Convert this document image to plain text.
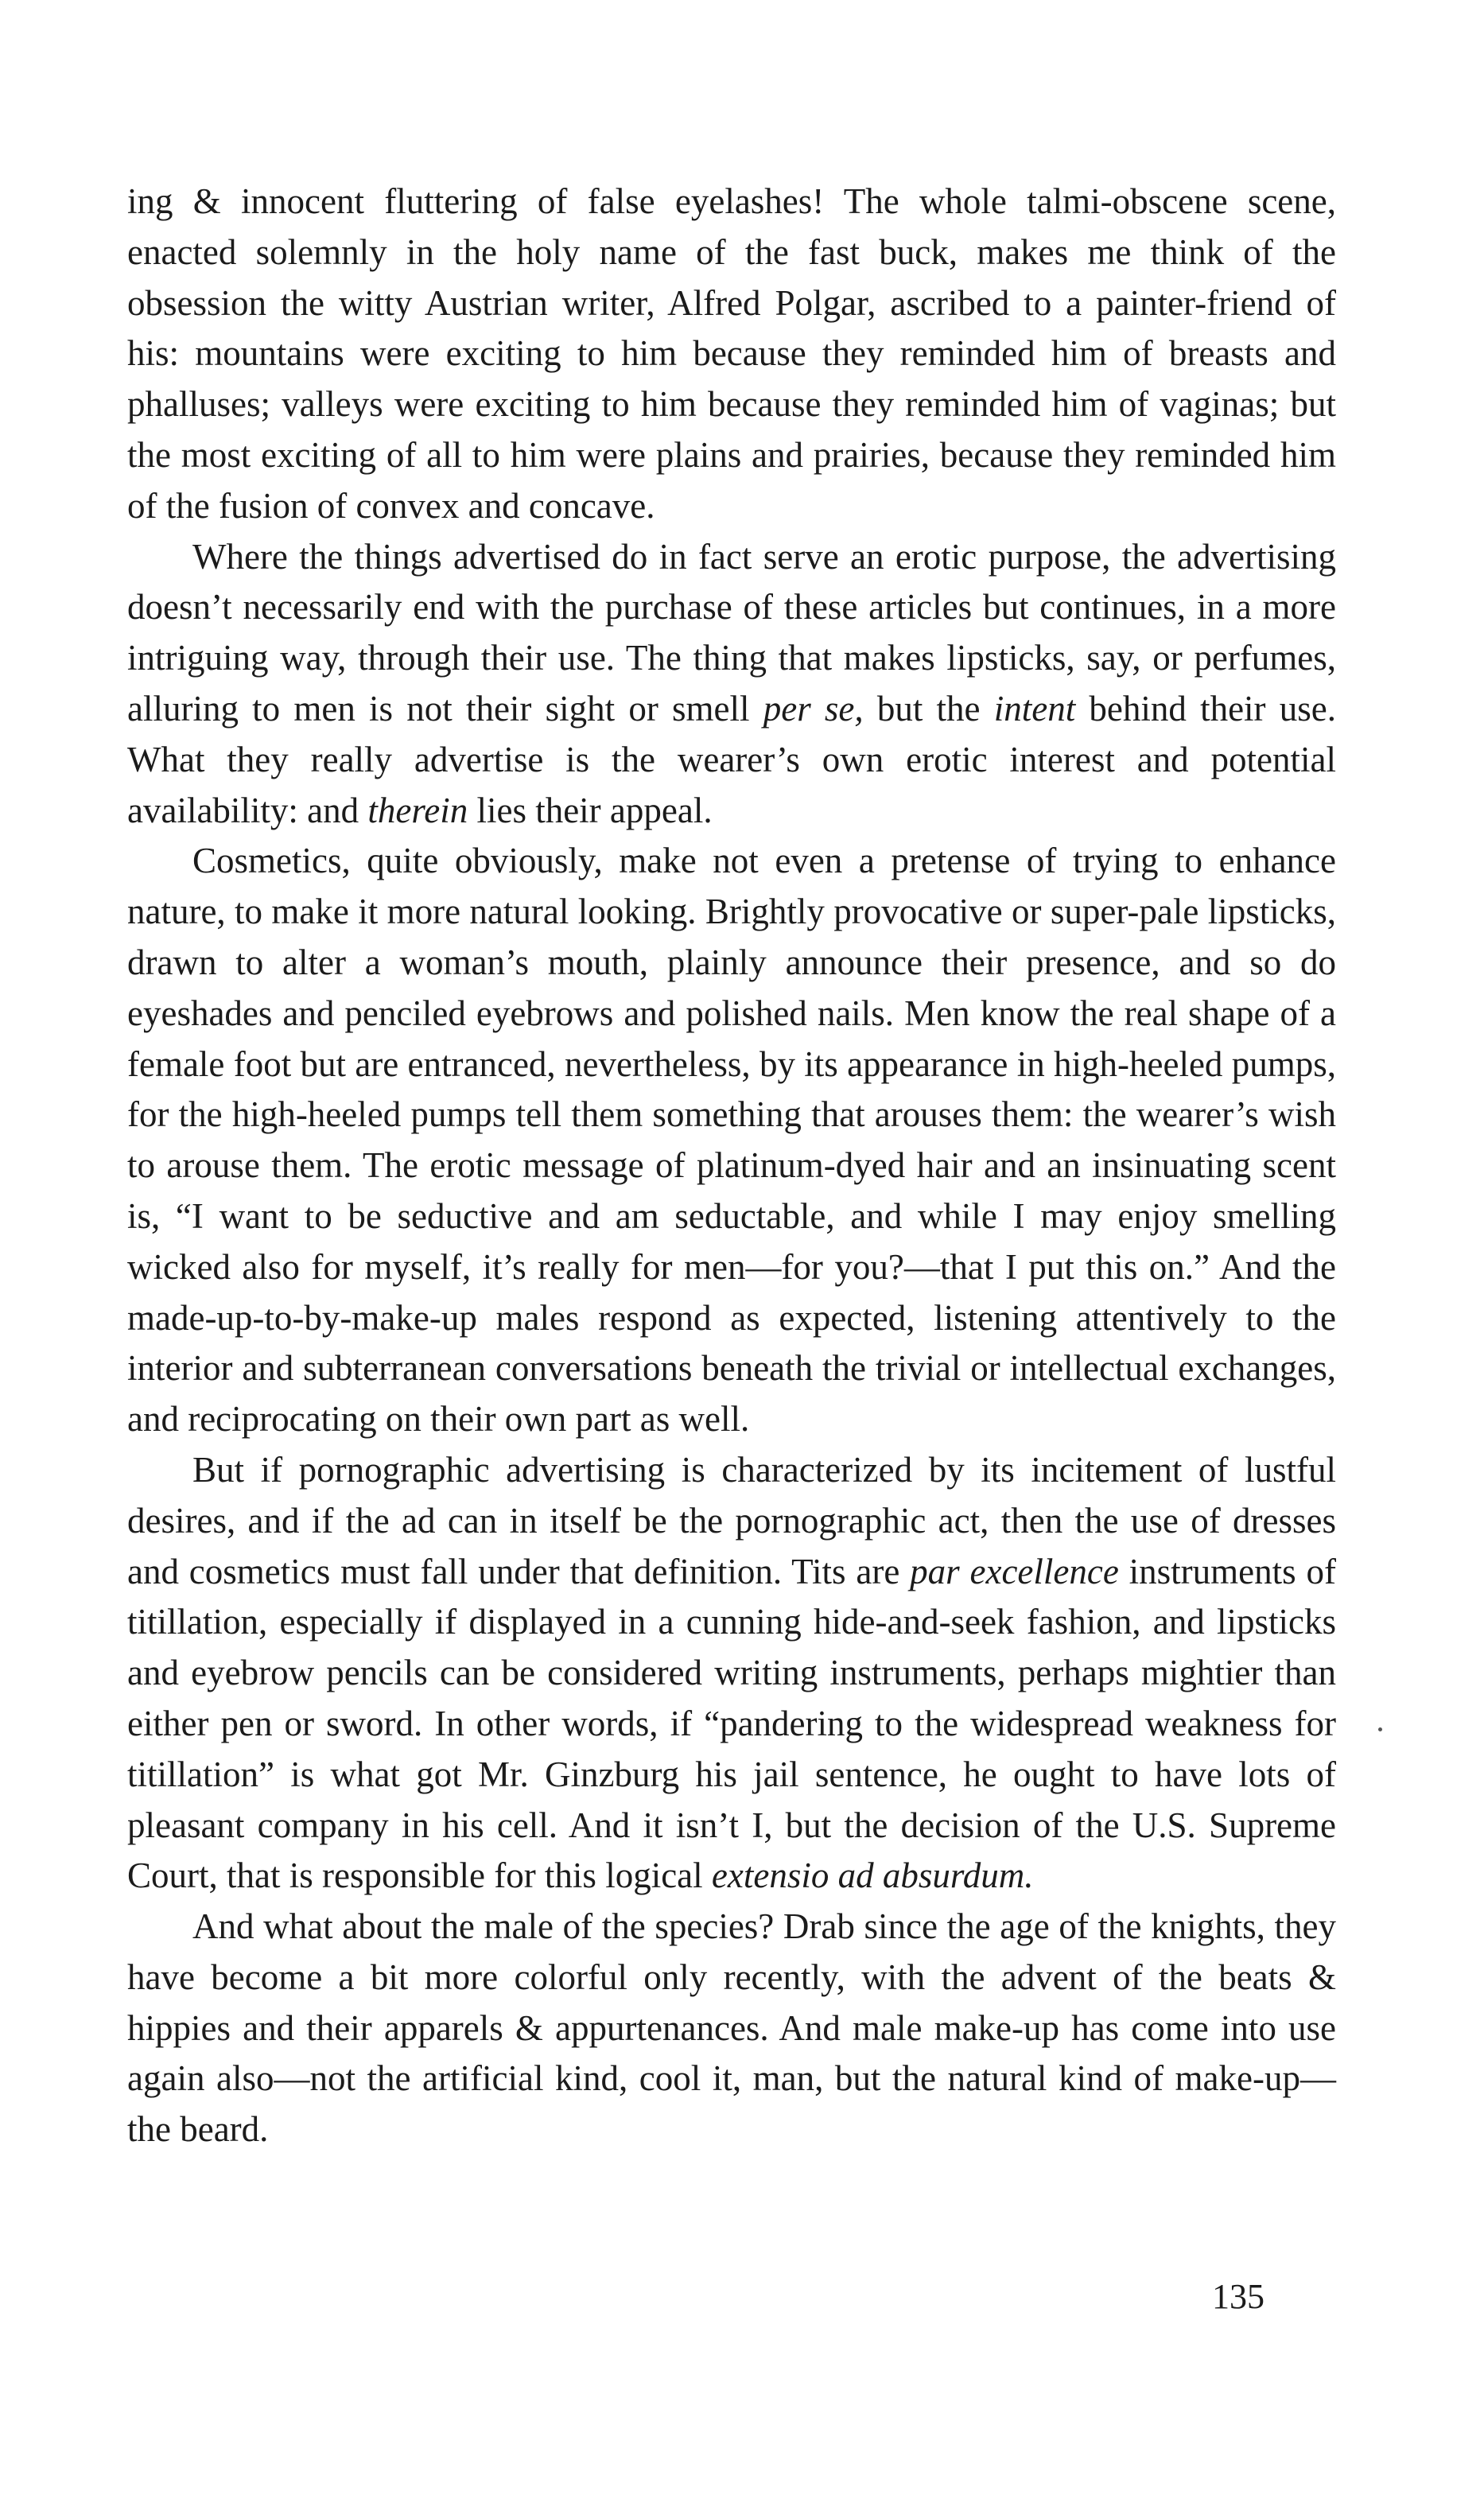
ing & innocent fluttering of false eyelashes! The whole talmi-obscene scene, enacted solemnly in the holy name of the fast buck, makes me think of the obsession the witty Austrian writer, Alfred Polgar, ascribed to a painter-friend of his: mountains were exciting to him because they reminded him of breasts and phalluses; valleys were exciting to him because they reminded him of vaginas; but the most exciting of all to him were plains and prairies, because they reminded him of the fusion of convex and concave.

Where the things advertised do in fact serve an erotic purpose, the advertising doesn’t necessarily end with the purchase of these articles but continues, in a more intriguing way, through their use. The thing that makes lipsticks, say, or perfumes, alluring to men is not their sight or smell per se, but the intent behind their use. What they really advertise is the wearer’s own erotic interest and potential availability: and therein lies their appeal.

Cosmetics, quite obviously, make not even a pretense of trying to enhance nature, to make it more natural looking. Brightly provocative or super-pale lipsticks, drawn to alter a woman’s mouth, plainly announce their presence, and so do eyeshades and penciled eyebrows and polished nails. Men know the real shape of a female foot but are entranced, nevertheless, by its appearance in high-heeled pumps, for the high-heeled pumps tell them something that arouses them: the wearer’s wish to arouse them. The erotic message of platinum-dyed hair and an insinuating scent is, “I want to be seductive and am seductable, and while I may enjoy smelling wicked also for myself, it’s really for men—for you?—that I put this on.” And the made-up-to-by-make-up males respond as expected, listening attentively to the interior and subterranean conversations beneath the trivial or intellectual exchanges, and reciprocating on their own part as well.

But if pornographic advertising is characterized by its incitement of lustful desires, and if the ad can in itself be the pornographic act, then the use of dresses and cosmetics must fall under that definition. Tits are par excellence instruments of titillation, especially if displayed in a cunning hide-and-seek fashion, and lipsticks and eyebrow pencils can be considered writing instruments, perhaps mightier than either pen or sword. In other words, if “pandering to the widespread weakness for titillation” is what got Mr. Ginzburg his jail sentence, he ought to have lots of pleasant company in his cell. And it isn’t I, but the decision of the U.S. Supreme Court, that is responsible for this logical extensio ad absurdum.

And what about the male of the species? Drab since the age of the knights, they have become a bit more colorful only recently, with the advent of the beats & hippies and their apparels & appurtenances. And male make-up has come into use again also—not the artificial kind, cool it, man, but the natural kind of make-up—the beard.

135
